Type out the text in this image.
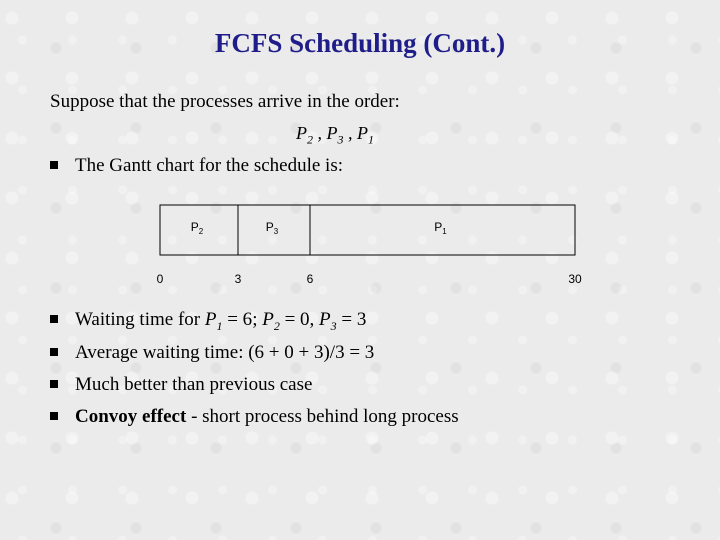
FCFS Scheduling (Cont.)
Suppose that the processes arrive in the order:
$P_2$ , $P_3$ , $P_1$
The Gantt chart for the schedule is:
$P_2$	$P_3$	$P_1$
0	3	6	30
Waiting time for $P_1 = 6$; $P_2 = 0$, $P_3 = 3$
Average waiting time: (6 + 0 + 3)/3 = 3
Much better than previous case
Convoy effect - short process behind long process
